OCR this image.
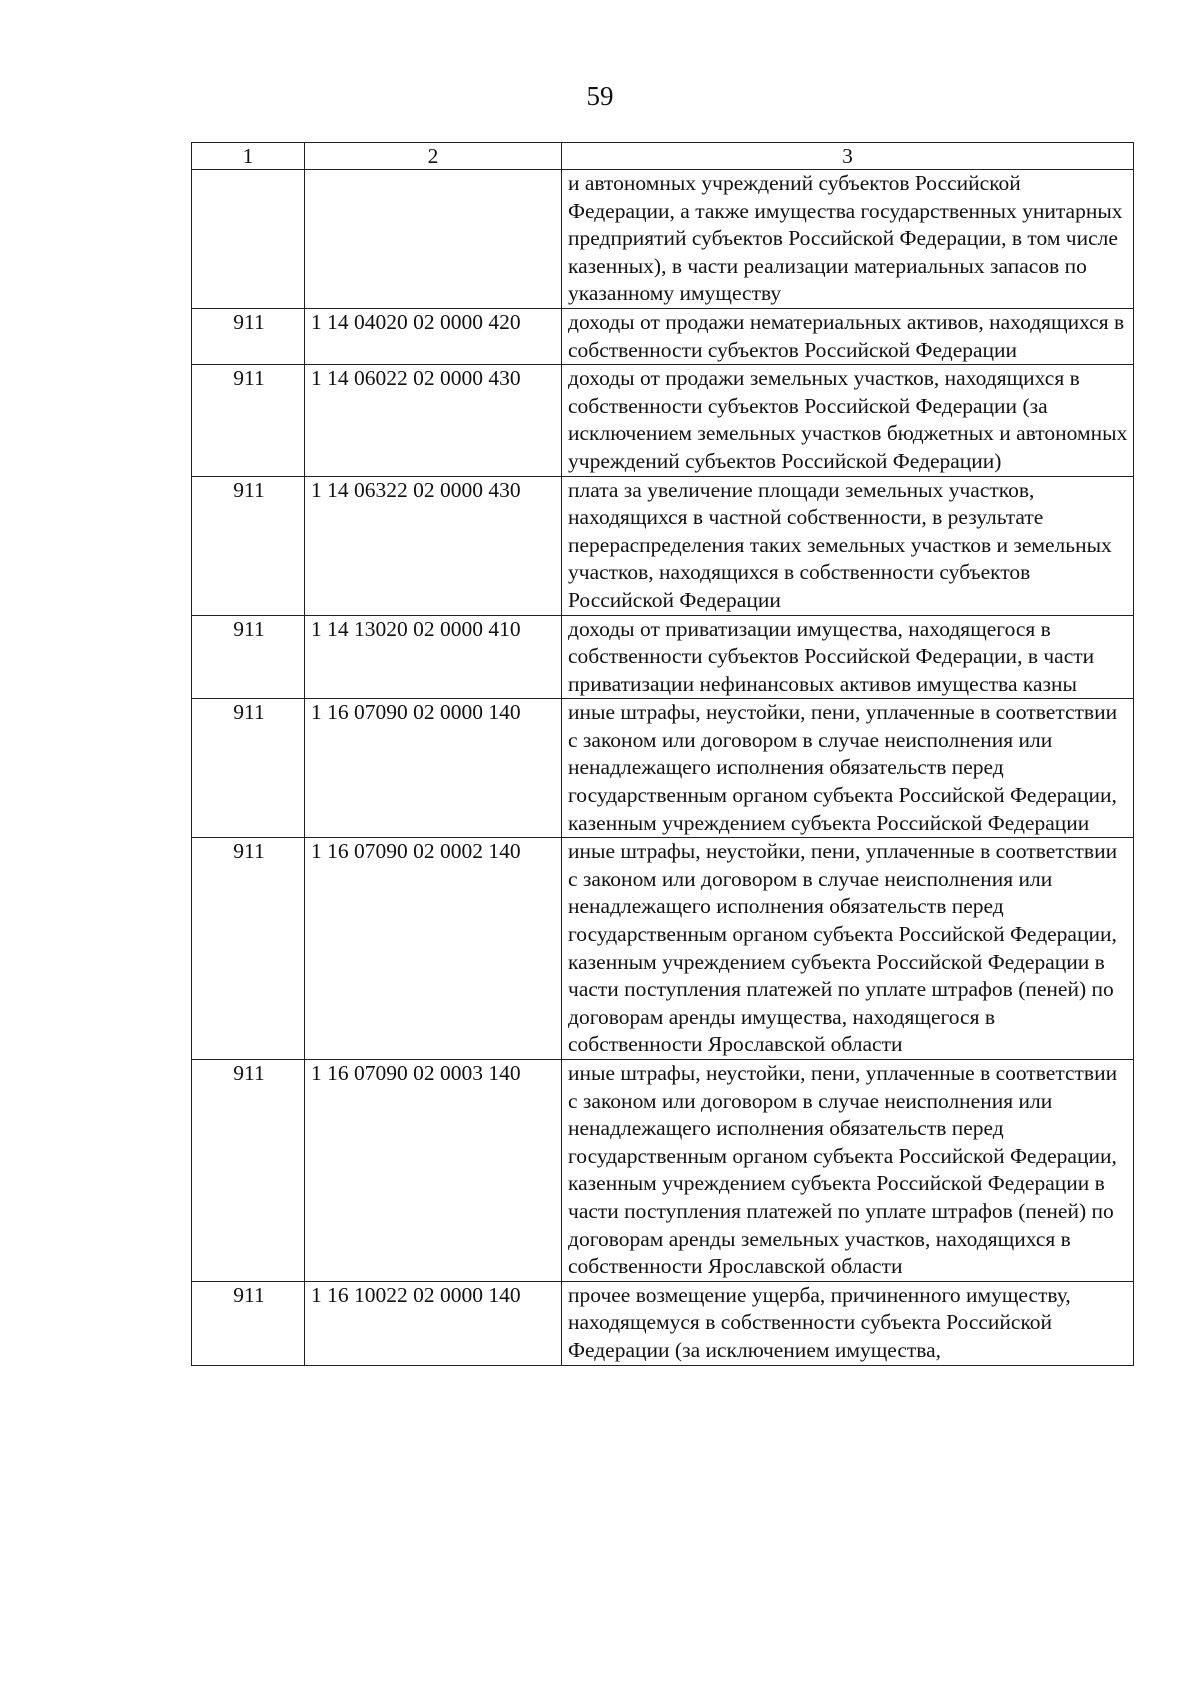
59
1	2	3
		и автономных учреждений субъектов Российской Федерации, а также имущества государственных унитарных предприятий субъектов Российской Федерации, в том числе казенных), в части реализации материальных запасов по указанному имуществу
911	1 14 04020 02 0000 420	доходы от продажи нематериальных активов, находящихся в собственности субъектов Российской Федерации
911	1 14 06022 02 0000 430	доходы от продажи земельных участков, находящихся в собственности субъектов Российской Федерации (за исключением земельных участков бюджетных и автономных учреждений субъектов Российской Федерации)
911	1 14 06322 02 0000 430	плата за увеличение площади земельных участков, находящихся в частной собственности, в результате перераспределения таких земельных участков и земельных участков, находящихся в собственности субъектов Российской Федерации
911	1 14 13020 02 0000 410	доходы от приватизации имущества, находящегося в собственности субъектов Российской Федерации, в части приватизации нефинансовых активов имущества казны
911	1 16 07090 02 0000 140	иные штрафы, неустойки, пени, уплаченные в соответствии с законом или договором в случае неисполнения или ненадлежащего исполнения обязательств перед государственным органом субъекта Российской Федерации, казенным учреждением субъекта Российской Федерации
911	1 16 07090 02 0002 140	иные штрафы, неустойки, пени, уплаченные в соответствии с законом или договором в случае неисполнения или ненадлежащего исполнения обязательств перед государственным органом субъекта Российской Федерации, казенным учреждением субъекта Российской Федерации в части поступления платежей по уплате штрафов (пеней) по договорам аренды имущества, находящегося в собственности Ярославской области
911	1 16 07090 02 0003 140	иные штрафы, неустойки, пени, уплаченные в соответствии с законом или договором в случае неисполнения или ненадлежащего исполнения обязательств перед государственным органом субъекта Российской Федерации, казенным учреждением субъекта Российской Федерации в части поступления платежей по уплате штрафов (пеней) по договорам аренды земельных участков, находящихся в собственности Ярославской области
911	1 16 10022 02 0000 140	прочее возмещение ущерба, причиненного имуществу, находящемуся в собственности субъекта Российской Федерации (за исключением имущества,
